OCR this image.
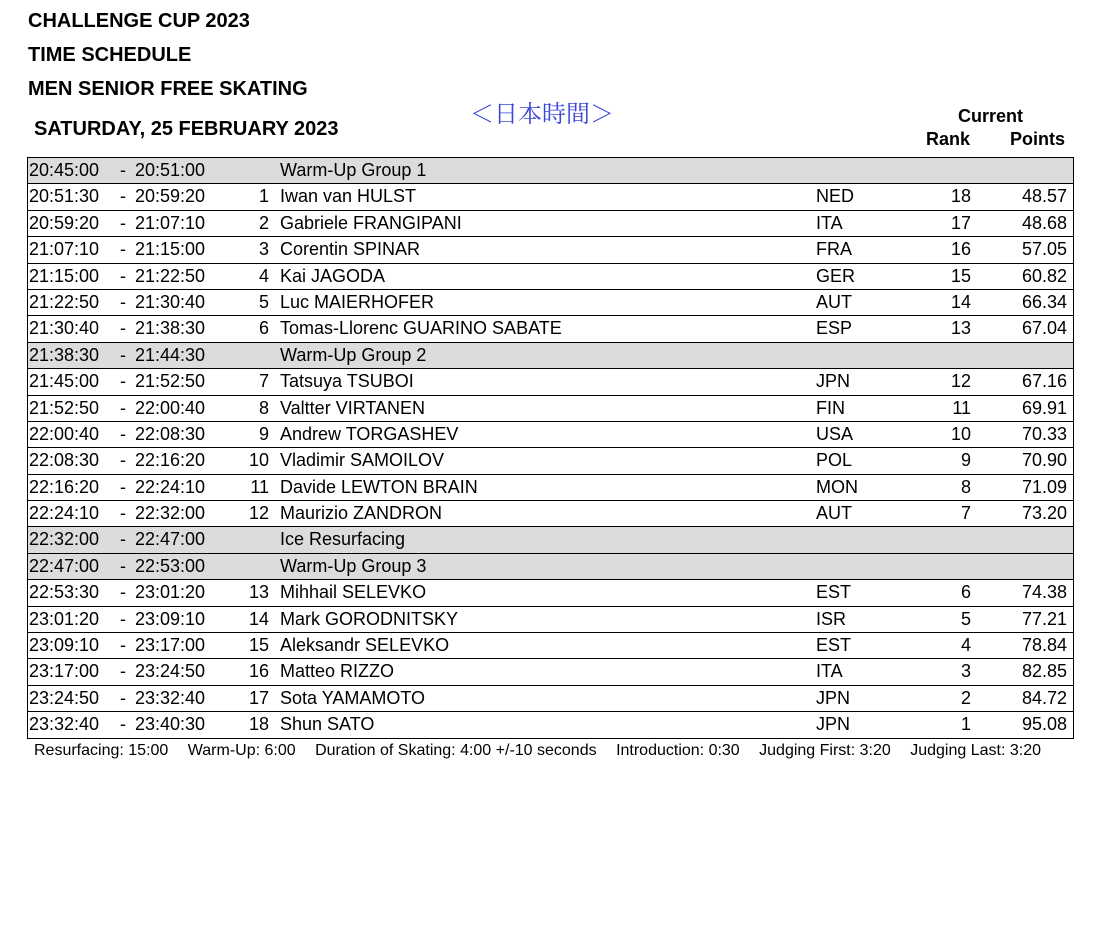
CHALLENGE CUP 2023
TIME SCHEDULE
MEN SENIOR FREE SKATING
SATURDAY, 25 FEBRUARY 2023
＜日本時間＞	Current
Rank Points
20:45:00 - 20:51:00	Warm-Up Group 1
20:51:30 - 20:59:20	1 Iwan van HULST	NED	18	48.57
20:59:20 - 21:07:10	2 Gabriele FRANGIPANI	ITA	17	48.68
21:07:10 - 21:15:00	3 Corentin SPINAR	FRA	16	57.05
21:15:00 - 21:22:50	4 Kai JAGODA	GER	15	60.82
21:22:50 - 21:30:40	5 Luc MAIERHOFER	AUT	14	66.34
21:30:40 - 21:38:30	6 Tomas-Llorenc GUARINO SABATE	ESP	13	67.04
21:38:30 - 21:44:30	Warm-Up Group 2
21:45:00 - 21:52:50	7 Tatsuya TSUBOI	JPN	12	67.16
21:52:50 - 22:00:40	8 Valtter VIRTANEN	FIN	11	69.91
22:00:40 - 22:08:30	9 Andrew TORGASHEV	USA	10	70.33
22:08:30 - 22:16:20 10 Vladimir SAMOILOV	POL	9	70.90
22:16:20 - 22:24:10	11 Davide LEWTON BRAIN	MON	8	71.09
22:24:10 - 22:32:00 12 Maurizio ZANDRON	AUT	7	73.20
22:32:00 - 22:47:00	Ice Resurfacing
22:47:00 - 22:53:00	Warm-Up Group 3
22:53:30 - 23:01:20 13 Mihhail SELEVKO	EST	6	74.38
23:01:20 - 23:09:10 14 Mark GORODNITSKY	ISR	5	77.21
23:09:10 - 23:17:00 15 Aleksandr SELEVKO	EST	4	78.84
23:17:00 - 23:24:50 16 Matteo RIZZO	ITA	3	82.85
23:24:50 - 23:32:40 17 Sota YAMAMOTO	JPN	2	84.72
23:32:40 - 23:40:30 18 Shun SATO	JPN	1	95.08
Resurfacing: 15:00 Warm-Up: 6:00 Duration of Skating: 4:00 +/-10 seconds Introduction: 0:30 Judging First: 3:20 Judging Last: 3:20
